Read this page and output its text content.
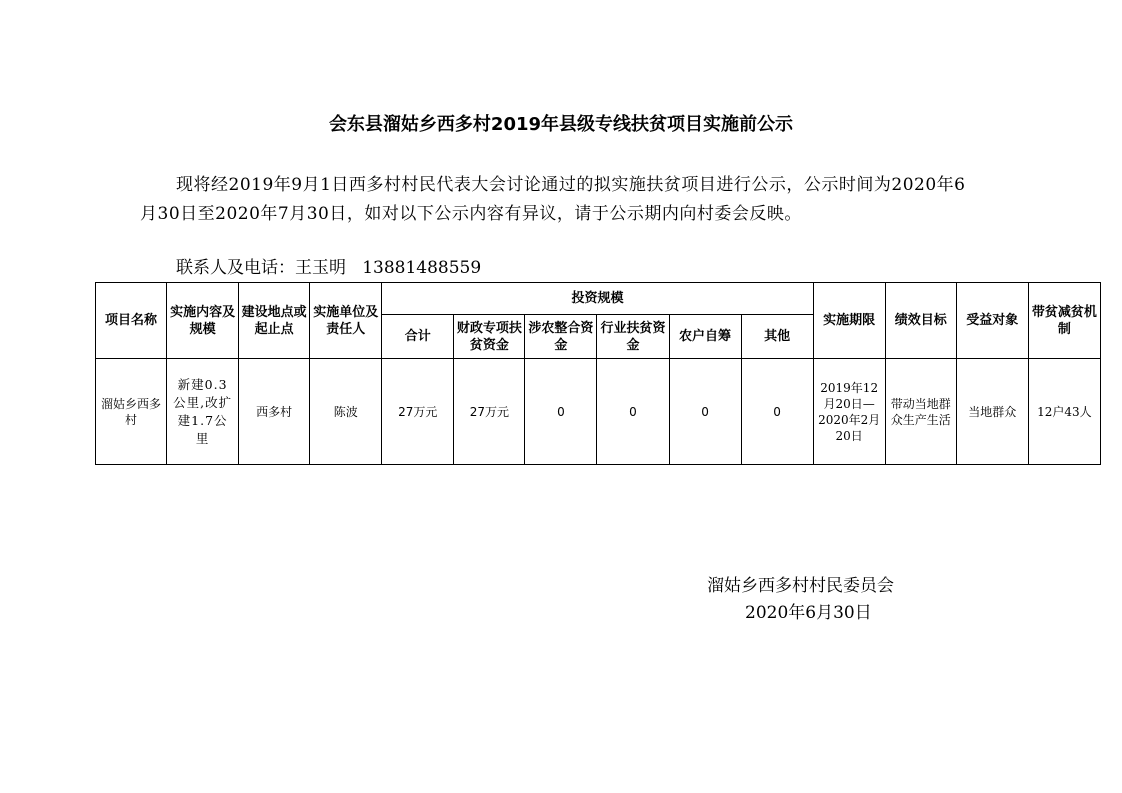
会东县溜姑乡西多村2019年县级专线扶贫项目实施前公示
现将经2019年9月1日西多村村民代表大会讨论通过的拟实施扶贫项目进行公示，公示时间为2020年6月30日至2020年7月30日，如对以下公示内容有异议，请于公示期内向村委会反映。
联系人及电话：王玉明 13881488559
项目名称	实施内容及规模	建设地点或起止点	实施单位及责任人	投资规模						实施期限	绩效目标	受益对象	带贫减贫机制
				合计	财政专项扶贫资金	涉农整合资金	行业扶贫资金	农户自筹	其他				
溜姑乡西多村	新建0.3公里,改扩建1.7公里	西多村	陈波	27万元	27万元	0	0	0	0	2019年12月20日—2020年2月20日	带动当地群众生产生活	当地群众	12户43人
溜姑乡西多村村民委员会
2020年6月30日
